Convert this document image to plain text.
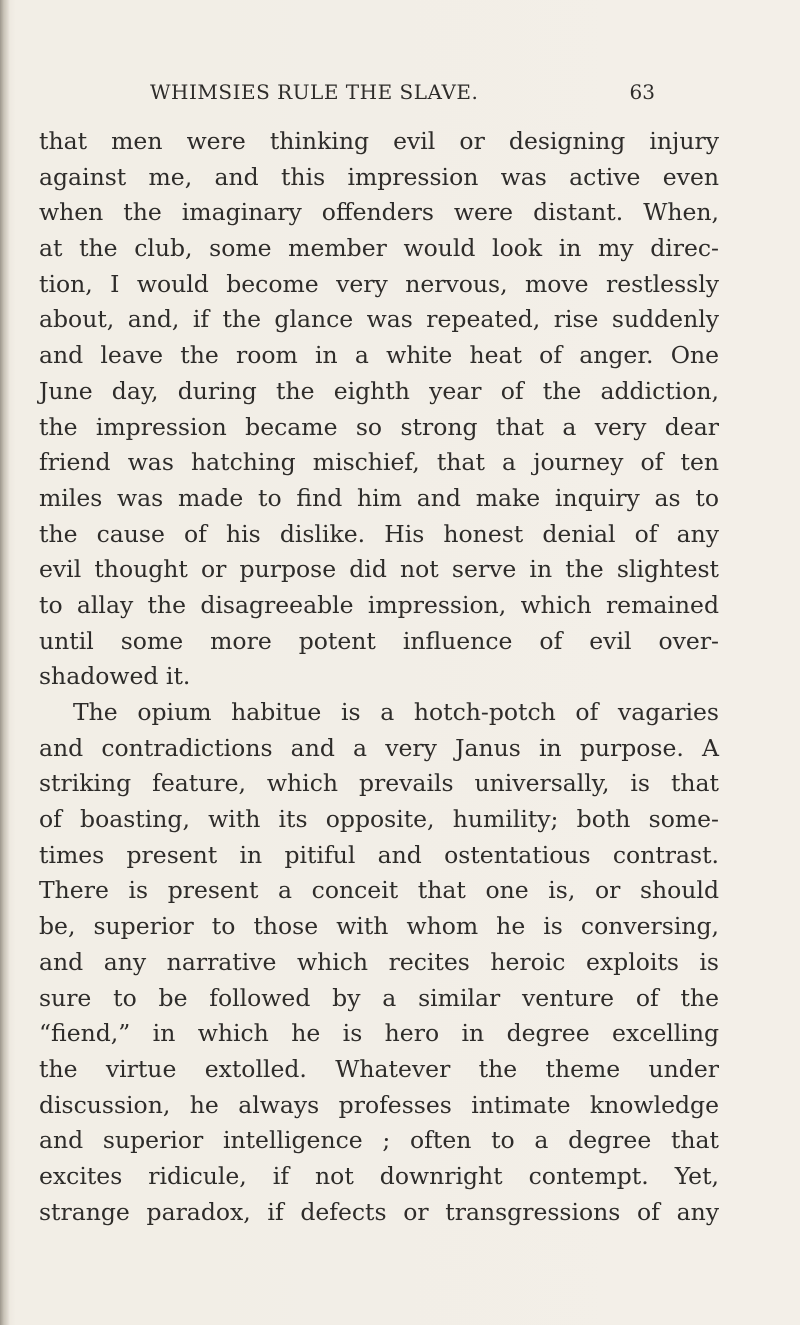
WHIMSIES RULE THE SLAVE.	63
that men were thinking evil or designing injury
against me, and this impression was active even
when the imaginary offenders were distant. When,
at the club, some member would look in my direc-
tion, I would become very nervous, move restlessly
about, and, if the glance was repeated, rise suddenly
and leave the room in a white heat of anger. One
June day, during the eighth year of the addiction,
the impression became so strong that a very dear
friend was hatching mischief, that a journey of ten
miles was made to find him and make inquiry as to
the cause of his dislike. His honest denial of any
evil thought or purpose did not serve in the slightest
to allay the disagreeable impression, which remained
until some more potent influence of evil over-
shadowed it.
The opium habitue is a hotch-potch of vagaries
and contradictions and a very Janus in purpose. A
striking feature, which prevails universally, is that
of boasting, with its opposite, humility; both some-
times present in pitiful and ostentatious contrast.
There is present a conceit that one is, or should
be, superior to those with whom he is conversing,
and any narrative which recites heroic exploits is
sure to be followed by a similar venture of the
“fiend,” in which he is hero in degree excelling
the virtue extolled. Whatever the theme under
discussion, he always professes intimate knowledge
and superior intelligence ; often to a degree that
excites ridicule, if not downright contempt. Yet,
strange paradox, if defects or transgressions of any
